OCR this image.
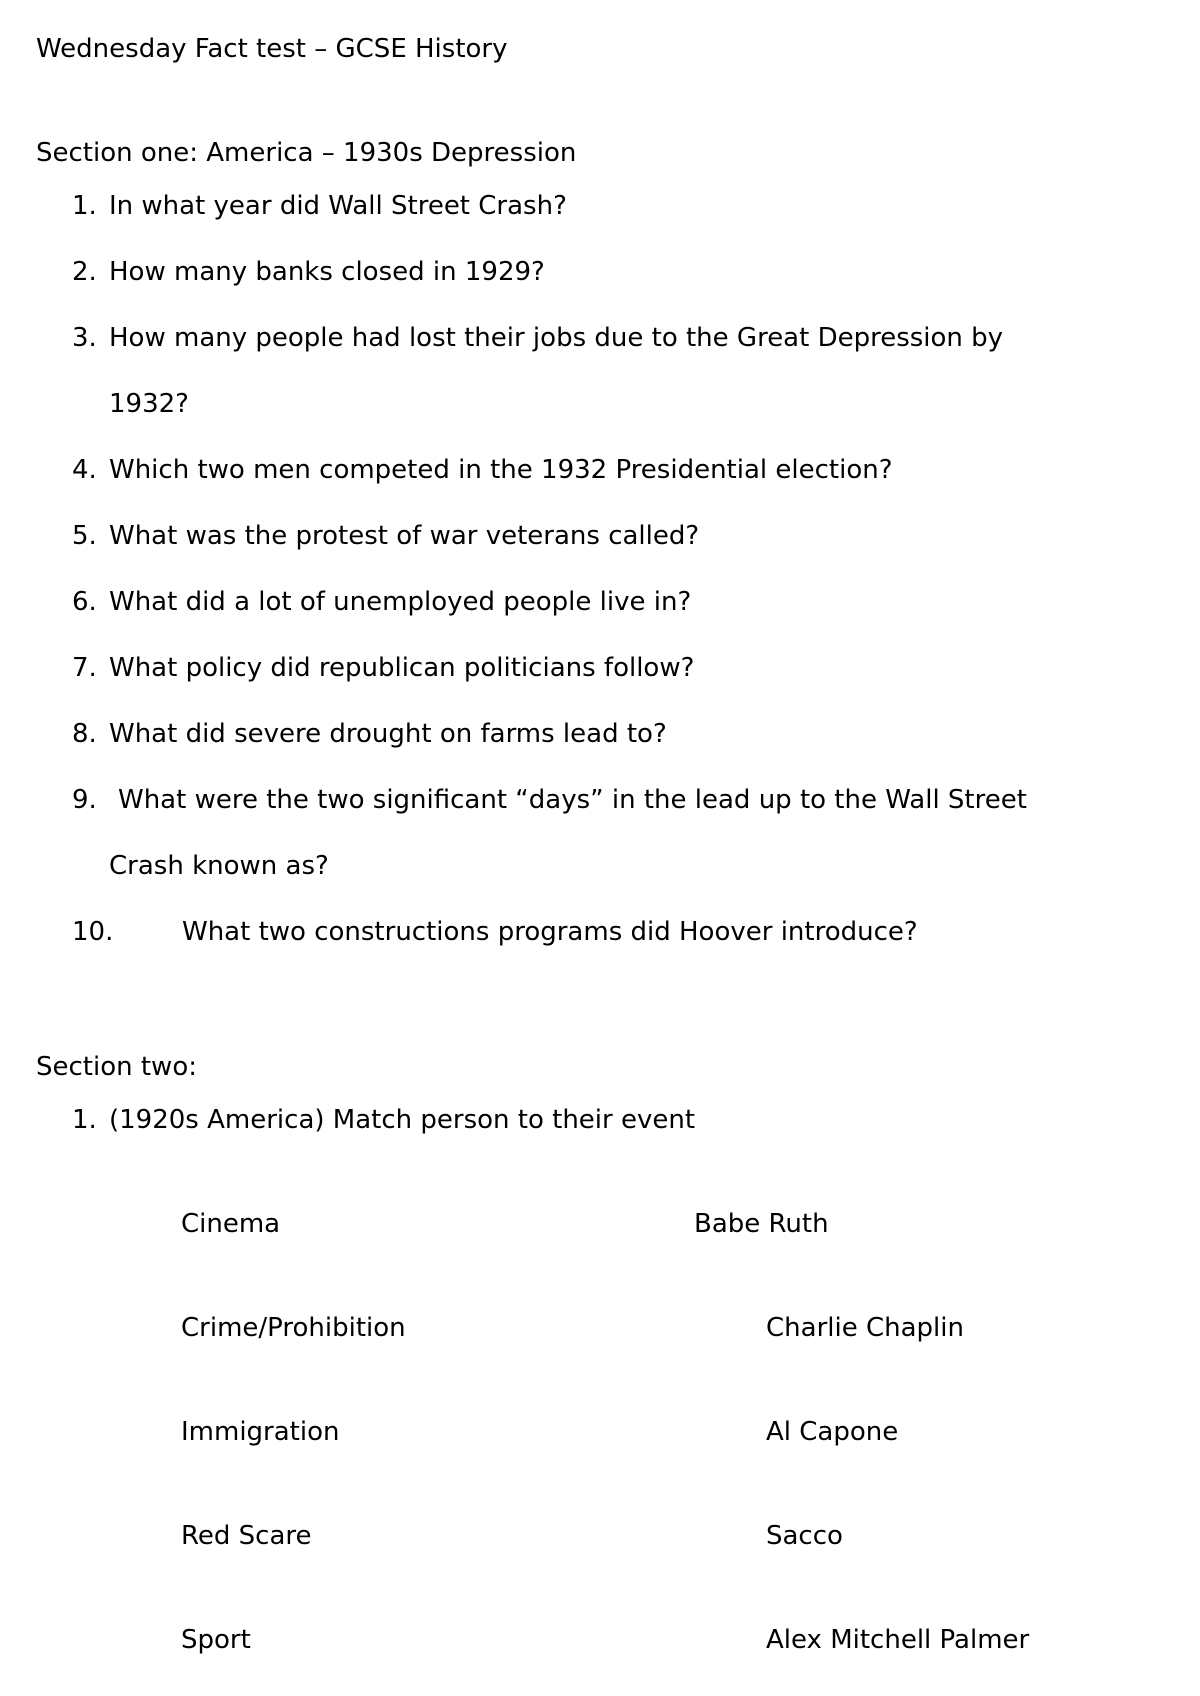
Wednesday Fact test – GCSE History
Section one: America – 1930s Depression
1. In what year did Wall Street Crash?
2. How many banks closed in 1929?
3. How many people had lost their jobs due to the Great Depression by
1932?
4. Which two men competed in the 1932 Presidential election?
5. What was the protest of war veterans called?
6. What did a lot of unemployed people live in?
7. What policy did republican politicians follow?
8. What did severe drought on farms lead to?
9. What were the two significant “days” in the lead up to the Wall Street
Crash known as?
10.	What two constructions programs did Hoover introduce?
Section two:
1. (1920s America) Match person to their event
Cinema	Babe Ruth
Crime/Prohibition	Charlie Chaplin
Immigration	Al Capone
Red Scare	Sacco
Sport	Alex Mitchell Palmer
